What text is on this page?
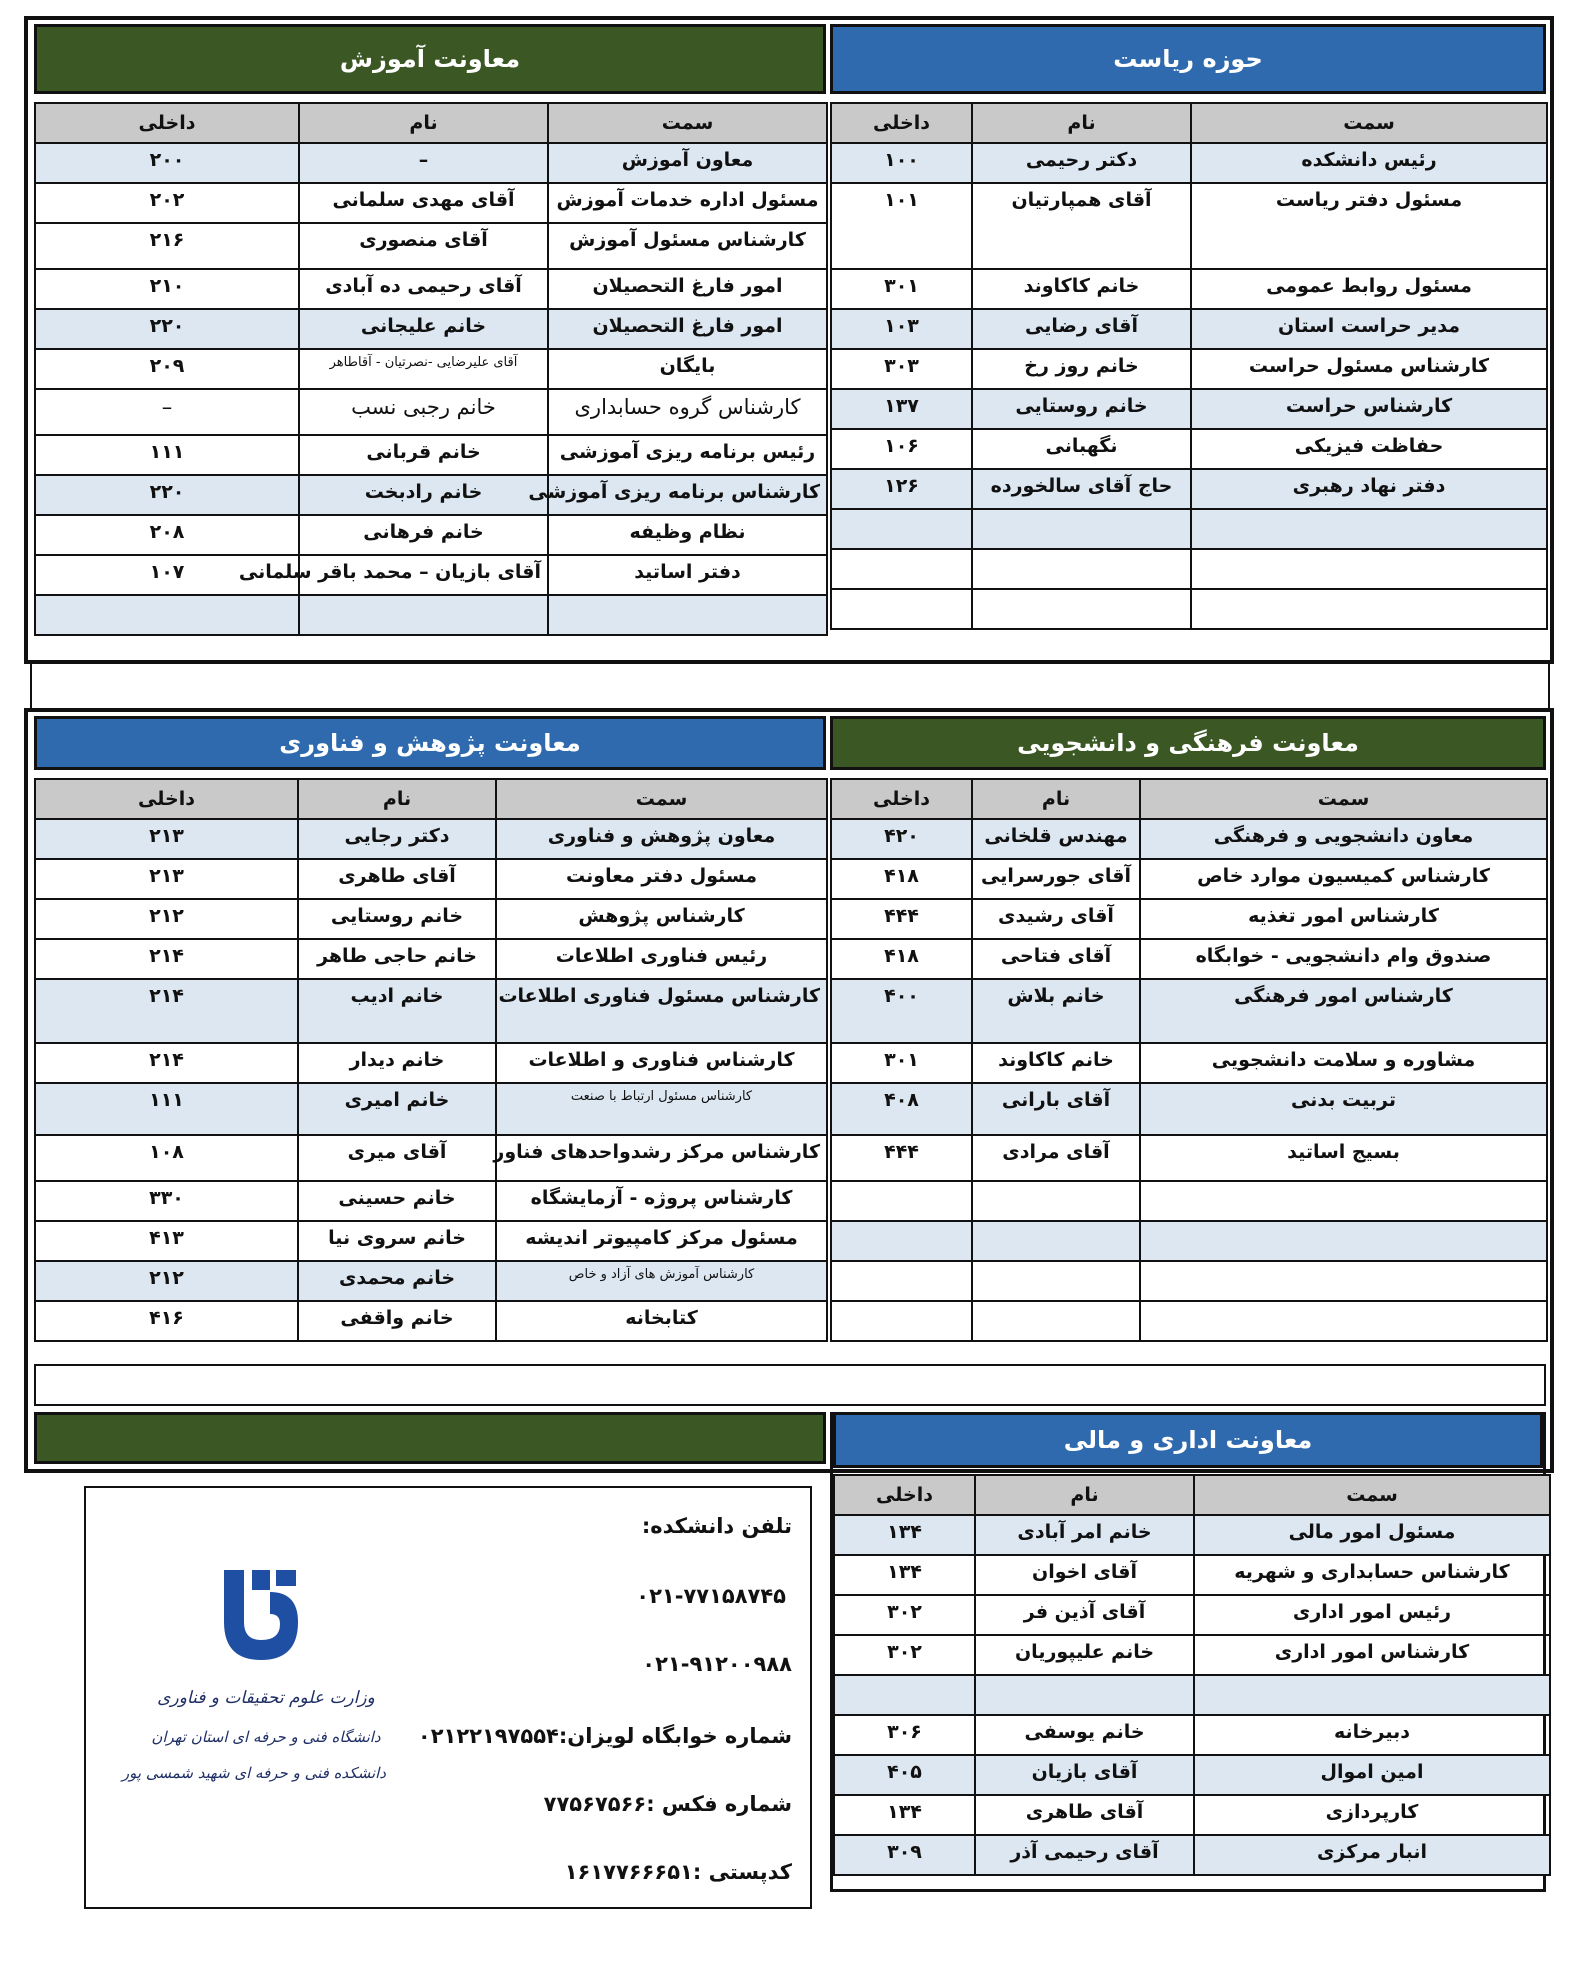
حوزه ریاست
سمت	نام	داخلی
رئیس دانشکده	دکتر رحیمی	۱۰۰
مسئول دفتر ریاست	آقای همپارتیان	۱۰۱
مسئول روابط عمومی	خانم کاکاوند	۳۰۱
مدیر حراست استان	آقای رضایی	۱۰۳
کارشناس مسئول حراست	خانم روز رخ	۳۰۳
کارشناس حراست	خانم روستایی	۱۳۷
حفاظت فیزیکی	نگهبانی	۱۰۶
دفتر نهاد رهبری	حاج آقای سالخورده	۱۲۶

معاونت آموزش
سمت	نام	داخلی
معاون آموزش	–	۲۰۰
مسئول اداره خدمات آموزش	آقای مهدی سلمانی	۲۰۲
کارشناس مسئول آموزش	آقای منصوری	۲۱۶
امور فارغ التحصیلان	آقای رحیمی ده آبادی	۲۱۰
امور فارغ التحصیلان	خانم علیجانی	۲۲۰
بایگان	آقای علیرضایی -نصرتیان - آقاطاهر	۲۰۹
کارشناس گروه حسابداری	خانم رجبی نسب	–
رئیس برنامه ریزی آموزشی	خانم قربانی	۱۱۱
کارشناس برنامه ریزی آموزشی	خانم رادبخت	۲۲۰
نظام وظیفه	خانم فرهانی	۲۰۸
دفتر اساتید	آقای بازیان – محمد باقر سلمانی	۱۰۷

معاونت فرهنگی و دانشجویی
سمت	نام	داخلی
معاون دانشجویی و فرهنگی	مهندس قلخانی	۴۲۰
کارشناس کمیسیون موارد خاص	آقای جورسرایی	۴۱۸
کارشناس امور تغذیه	آقای رشیدی	۴۴۴
صندوق وام دانشجویی - خوابگاه	آقای فتاحی	۴۱۸
کارشناس امور فرهنگی	خانم بلاش	۴۰۰
مشاوره و سلامت دانشجویی	خانم کاکاوند	۳۰۱
تربیت بدنی	آقای بارانی	۴۰۸
بسیج اساتید	آقای مرادی	۴۴۴

معاونت پژوهش و فناوری
سمت	نام	داخلی
معاون پژوهش و فناوری	دکتر رجایی	۲۱۳
مسئول دفتر معاونت	آقای طاهری	۲۱۳
کارشناس پژوهش	خانم روستایی	۲۱۲
رئیس فناوری اطلاعات	خانم حاجی طاهر	۲۱۴
کارشناس مسئول فناوری اطلاعات	خانم ادیب	۲۱۴
کارشناس فناوری و اطلاعات	خانم دیدار	۲۱۴
کارشناس مسئول ارتباط با صنعت	خانم امیری	۱۱۱
کارشناس مرکز رشدواحدهای فناور	آقای میری	۱۰۸
کارشناس پروژه - آزمایشگاه	خانم حسینی	۳۳۰
مسئول مرکز کامپیوتر اندیشه	خانم سروی نیا	۴۱۳
کارشناس آموزش های آزاد و خاص	خانم محمدی	۲۱۲
کتابخانه	خانم واقفی	۴۱۶
معاونت اداری و مالی
سمت	نام	داخلی
مسئول امور مالی	خانم امر آبادی	۱۳۴
کارشناس حسابداری و شهریه	آقای اخوان	۱۳۴
رئیس امور اداری	آقای آذین فر	۳۰۲
کارشناس امور اداری	خانم علیپوریان	۳۰۲

دبیرخانه	خانم یوسفی	۳۰۶
امین اموال	آقای بازیان	۴۰۵
کارپردازی	آقای طاهری	۱۳۴
انبار مرکزی	آقای رحیمی آذر	۳۰۹
تلفن دانشکده:
۰۲۱-۷۷۱۵۸۷۴۵
۰۲۱-۹۱۲۰۰۹۸۸
شماره خوابگاه لویزان:۰۲۱۲۲۱۹۷۵۵۴
شماره فکس :۷۷۵۶۷۵۶۶
کدپستی :۱۶۱۷۷۶۶۶۵۱
وزارت علوم تحقیقات و فناوری
دانشگاه فنی و حرفه ای استان تهران
دانشکده فنی و حرفه ای شهید شمسی پور
